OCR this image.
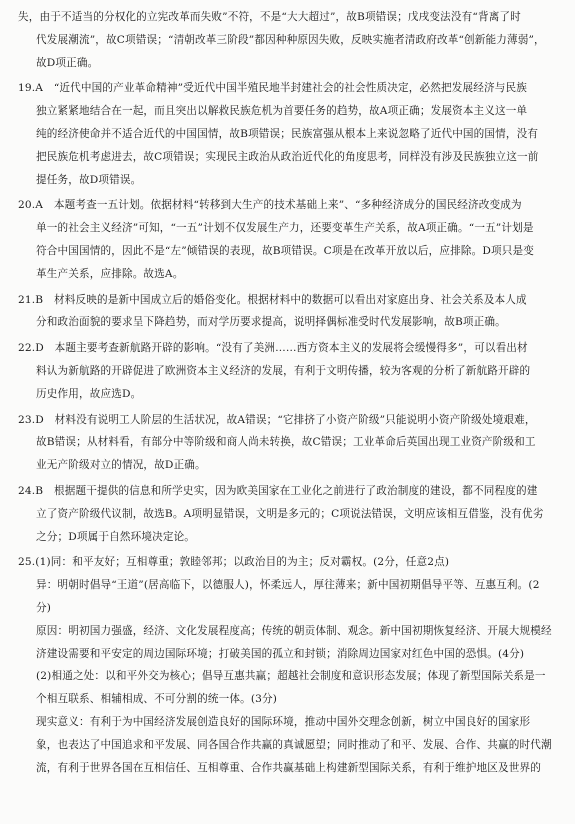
失，由于不适当的分权化的立宪改革而失败”不符，不是“大大超过”，故B项错误；戊戌变法没有“背离了时
代发展潮流”，故C项错误；“清朝改革三阶段”都因种种原因失败，反映实施者清政府改革“创新能力薄弱”，
故D项正确。
19.A　“近代中国的产业革命精神”受近代中国半殖民地半封建社会的社会性质决定，必然把发展经济与民族
独立紧紧地结合在一起，而且突出以解救民族危机为首要任务的趋势，故A项正确；发展资本主义这一单
纯的经济使命并不适合近代的中国国情，故B项错误；民族富强从根本上来说忽略了近代中国的国情，没有
把民族危机考虑进去，故C项错误；实现民主政治从政治近代化的角度思考，同样没有涉及民族独立这一前
提任务，故D项错误。
20.A　本题考查一五计划。依据材料“转移到大生产的技术基础上来”、“多种经济成分的国民经济改变成为
单一的社会主义经济”可知，“一五”计划不仅发展生产力，还要变革生产关系，故A项正确。“一五”计划是
符合中国国情的，因此不是“左”倾错误的表现，故B项错误。C项是在改革开放以后，应排除。D项只是变
革生产关系，应排除。故选A。
21.B　材料反映的是新中国成立后的婚俗变化。根据材料中的数据可以看出对家庭出身、社会关系及本人成
分和政治面貌的要求呈下降趋势，而对学历要求提高，说明择偶标准受时代发展影响，故B项正确。
22.D　本题主要考查新航路开辟的影响。“没有了美洲……西方资本主义的发展将会缓慢得多”，可以看出材
料认为新航路的开辟促进了欧洲资本主义经济的发展，有利于文明传播，较为客观的分析了新航路开辟的
历史作用，故应选D。
23.D　材料没有说明工人阶层的生活状况，故A错误；“它排挤了小资产阶级”只能说明小资产阶级处境艰难，
故B错误；从材料看，有部分中等阶级和商人尚未转换，故C错误；工业革命后英国出现工业资产阶级和工
业无产阶级对立的情况，故D正确。
24.B　根据题干提供的信息和所学史实，因为欧美国家在工业化之前进行了政治制度的建设，都不同程度的建
立了资产阶级代议制，故选B。A项明显错误，文明是多元的；C项说法错误，文明应该相互借鉴，没有优劣
之分；D项属于自然环境决定论。
25.(1)同：和平友好；互相尊重；敦睦邻邦；以政治目的为主；反对霸权。(2分，任意2点)
异：明朝时倡导“王道”(居高临下，以德服人)，怀柔远人，厚往薄来；新中国初期倡导平等、互惠互利。(2
分)
原因：明初国力强盛，经济、文化发展程度高；传统的朝贡体制、观念。新中国初期恢复经济、开展大规模经
济建设需要和平安定的周边国际环境；打破美国的孤立和封锁；消除周边国家对红色中国的恐惧。(4分)
(2)相通之处：以和平外交为核心；倡导互惠共赢；超越社会制度和意识形态发展；体现了新型国际关系是一
个相互联系、相辅相成、不可分割的统一体。(3分)
现实意义：有利于为中国经济发展创造良好的国际环境，推动中国外交理念创新，树立中国良好的国家形
象，也表达了中国追求和平发展、同各国合作共赢的真诚愿望；同时推动了和平、发展、合作、共赢的时代潮
流，有利于世界各国在互相信任、互相尊重、合作共赢基础上构建新型国际关系，有利于维护地区及世界的
